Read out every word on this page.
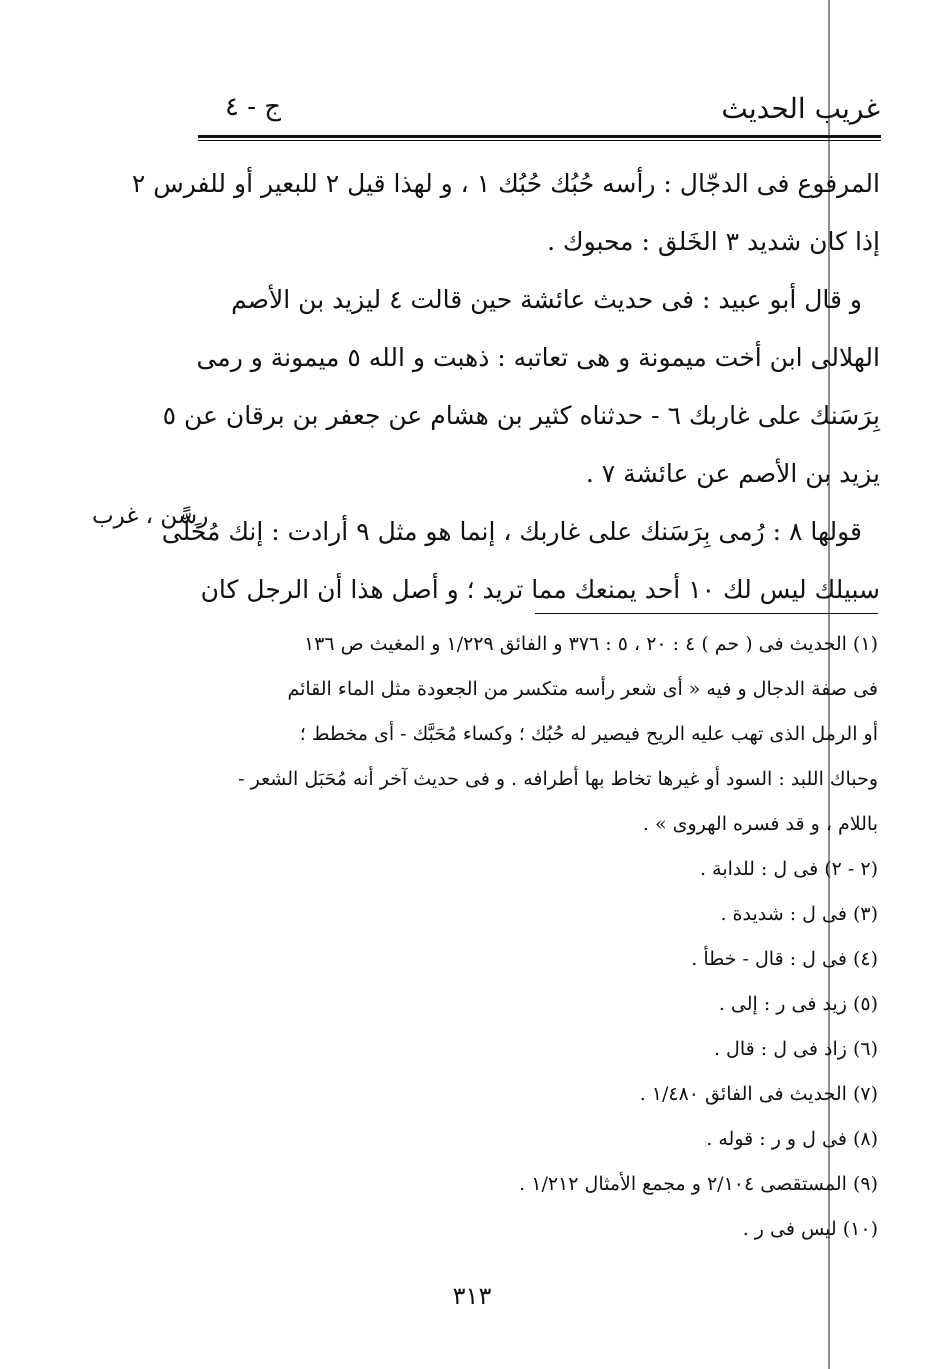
غريب الحديث
ج - ٤
المرفوع فى الدجّال : رأسه حُبُك حُبُك ١ ، و لهذا قيل ٢ للبعير أو للفرس ٢
إذا كان شديد ٣ الخَلق : محبوك .
و قال أبو عبيد : فى حديث عائشة حين قالت ٤ ليزيد بن الأصم
الهلالى ابن أخت ميمونة و هى تعاتبه : ذهبت و الله ٥ ميمونة و رمى
بِرَسَنك على غاربك ٦ - حدثناه كثير بن هشام عن جعفر بن برقان عن ٥
يزيد بن الأصم عن عائشة ٧ .
قولها ٨ : رُمى بِرَسَنك على غاربك ، إنما هو مثل ٩ أرادت : إنك مُخَلًّى
سبيلك ليس لك ١٠ أحد يمنعك مما تريد ؛ و أصل هذا أن الرجل كان
رسن ، غرب
(١) الحديث فى ( حم ) ٤ : ٢٠ ، ٥ : ٣٧٦ و الفائق ١/٢٢٩ و المغيث ص ١٣٦
فى صفة الدجال و فيه « أى شعر رأسه متكسر من الجعودة مثل الماء القائم
أو الرمل الذى تهب عليه الريح فيصير له حُبُك ؛ وكساء مُحَبَّك - أى مخطط ؛
وحباك اللبد : السود أو غيرها تخاط بها أطرافه . و فى حديث آخر أنه مُحَبَل الشعر -
باللام ، و قد فسره الهروى » .
(٢ - ٢) فى ل : للدابة .
(٣) فى ل : شديدة .
(٤) فى ل : قال - خطأ .
(٥) زيد فى ر : إلى .
(٦) زاد فى ل : قال .
(٧) الحديث فى الفائق ١/٤٨٠ .
(٨) فى ل و ر : قوله .
(٩) المستقصى ٢/١٠٤ و مجمع الأمثال ١/٢١٢ .
(١٠) ليس فى ر .
٣١٣
